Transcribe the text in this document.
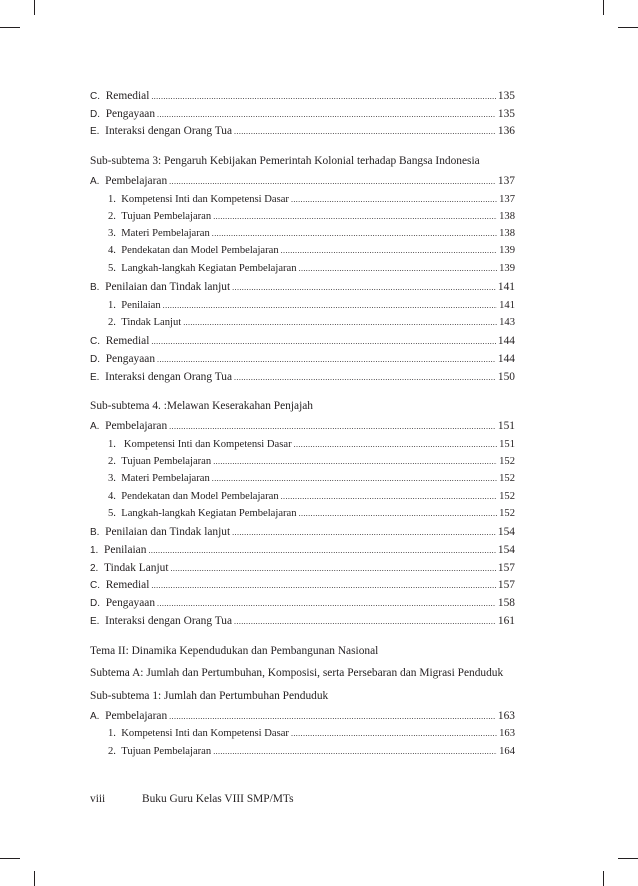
C. Remedial .....	135
D. Pengayaan .....	135
E. Interaksi dengan Orang Tua .....	136
Sub-subtema 3: Pengaruh Kebijakan Pemerintah Kolonial terhadap Bangsa Indonesia
A. Pembelajaran .....	137
1. Kompetensi Inti dan Kompetensi Dasar .....	137
2. Tujuan Pembelajaran .....	138
3. Materi Pembelajaran .....	138
4. Pendekatan dan Model Pembelajaran .....	139
5. Langkah-langkah Kegiatan Pembelajaran .....	139
B. Penilaian dan Tindak lanjut .....	141
1. Penilaian .....	141
2. Tindak Lanjut .....	143
C. Remedial .....	144
D. Pengayaan .....	144
E. Interaksi dengan Orang Tua .....	150
Sub-subtema 4. :Melawan Keserakahan Penjajah
A. Pembelajaran .....	151
1.   Kompetensi Inti dan Kompetensi Dasar .....	151
2. Tujuan Pembelajaran .....	152
3. Materi Pembelajaran .....	152
4. Pendekatan dan Model Pembelajaran .....	152
5. Langkah-langkah Kegiatan Pembelajaran .....	152
B. Penilaian dan Tindak lanjut .....	154
1. Penilaian .....	154
2. Tindak Lanjut .....	157
C. Remedial .....	157
D. Pengayaan .....	158
E. Interaksi dengan Orang Tua .....	161
Tema II: Dinamika Kependudukan dan Pembangunan Nasional
Subtema A: Jumlah dan Pertumbuhan, Komposisi, serta Persebaran dan Migrasi Penduduk
Sub-subtema 1: Jumlah dan Pertumbuhan Penduduk
A. Pembelajaran .....	163
1. Kompetensi Inti dan Kompetensi Dasar .....	163
2. Tujuan Pembelajaran .....	164
viii	Buku Guru Kelas VIII SMP/MTs
